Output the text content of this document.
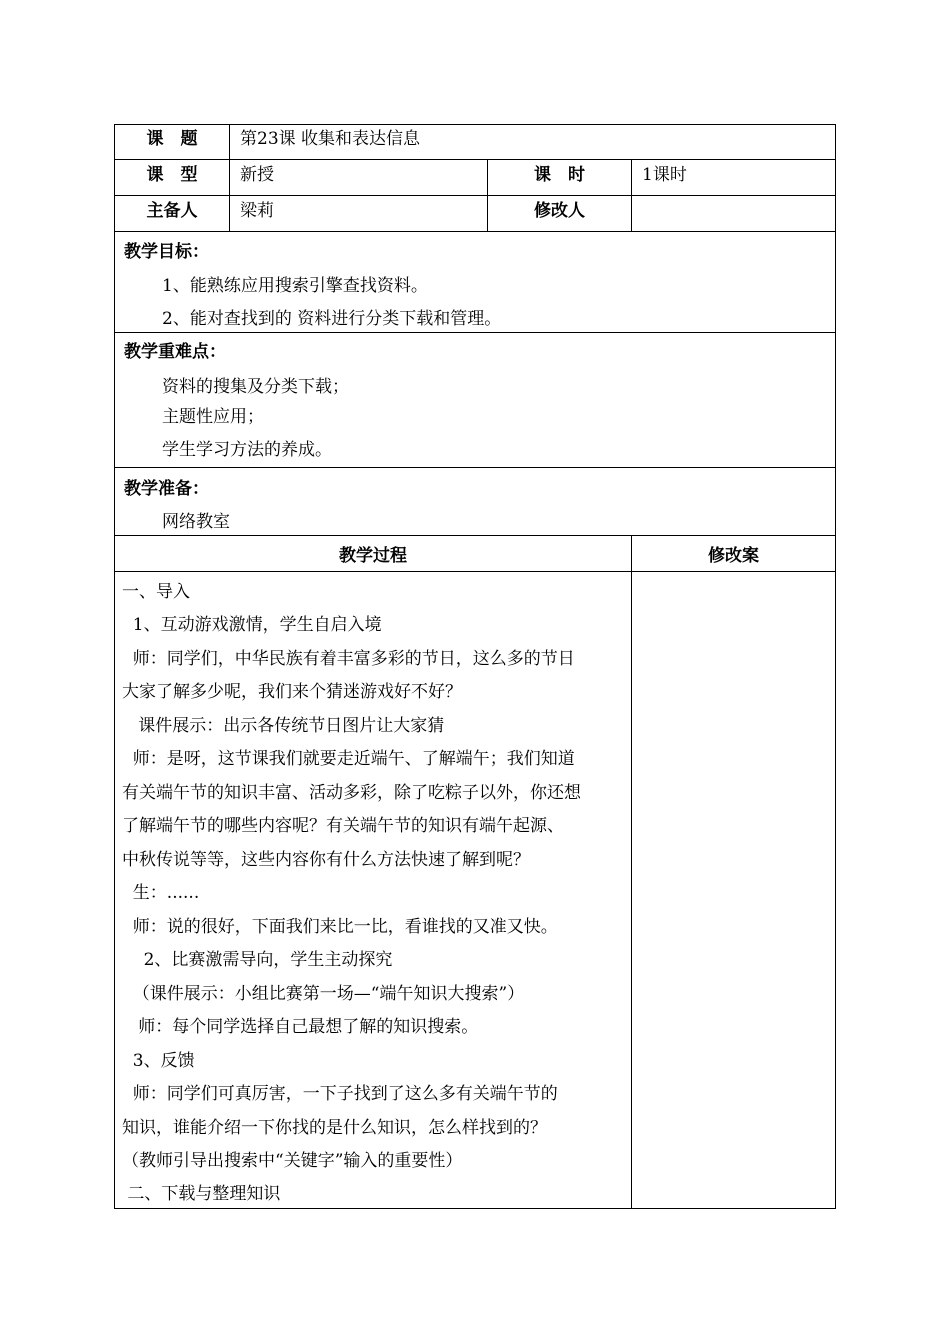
课　题	第23课 收集和表达信息
课　型	新授	课　时	1课时
主备人	梁莉	修改人
教学目标：
1、能熟练应用搜索引擎查找资料。
2、能对查找到的 资料进行分类下载和管理。
教学重难点：
资料的搜集及分类下载；
主题性应用；
学生学习方法的养成。
教学准备：
网络教室
教学过程	修改案
一、导入
1、互动游戏激情，学生自启入境
师：同学们，中华民族有着丰富多彩的节日，这么多的节日
大家了解多少呢，我们来个猜迷游戏好不好？
课件展示：出示各传统节日图片让大家猜
师：是呀，这节课我们就要走近端午、了解端午；我们知道
有关端午节的知识丰富、活动多彩，除了吃粽子以外，你还想
了解端午节的哪些内容呢？有关端午节的知识有端午起源、
中秋传说等等，这些内容你有什么方法快速了解到呢？
生：......
师：说的很好，下面我们来比一比，看谁找的又准又快。
2、比赛激需导向，学生主动探究
（课件展示：小组比赛第一场—“端午知识大搜索”）
师：每个同学选择自己最想了解的知识搜索。
3、反馈
师：同学们可真厉害，一下子找到了这么多有关端午节的
知识，谁能介绍一下你找的是什么知识，怎么样找到的？
（教师引导出搜索中“关键字”输入的重要性）
二、下载与整理知识
